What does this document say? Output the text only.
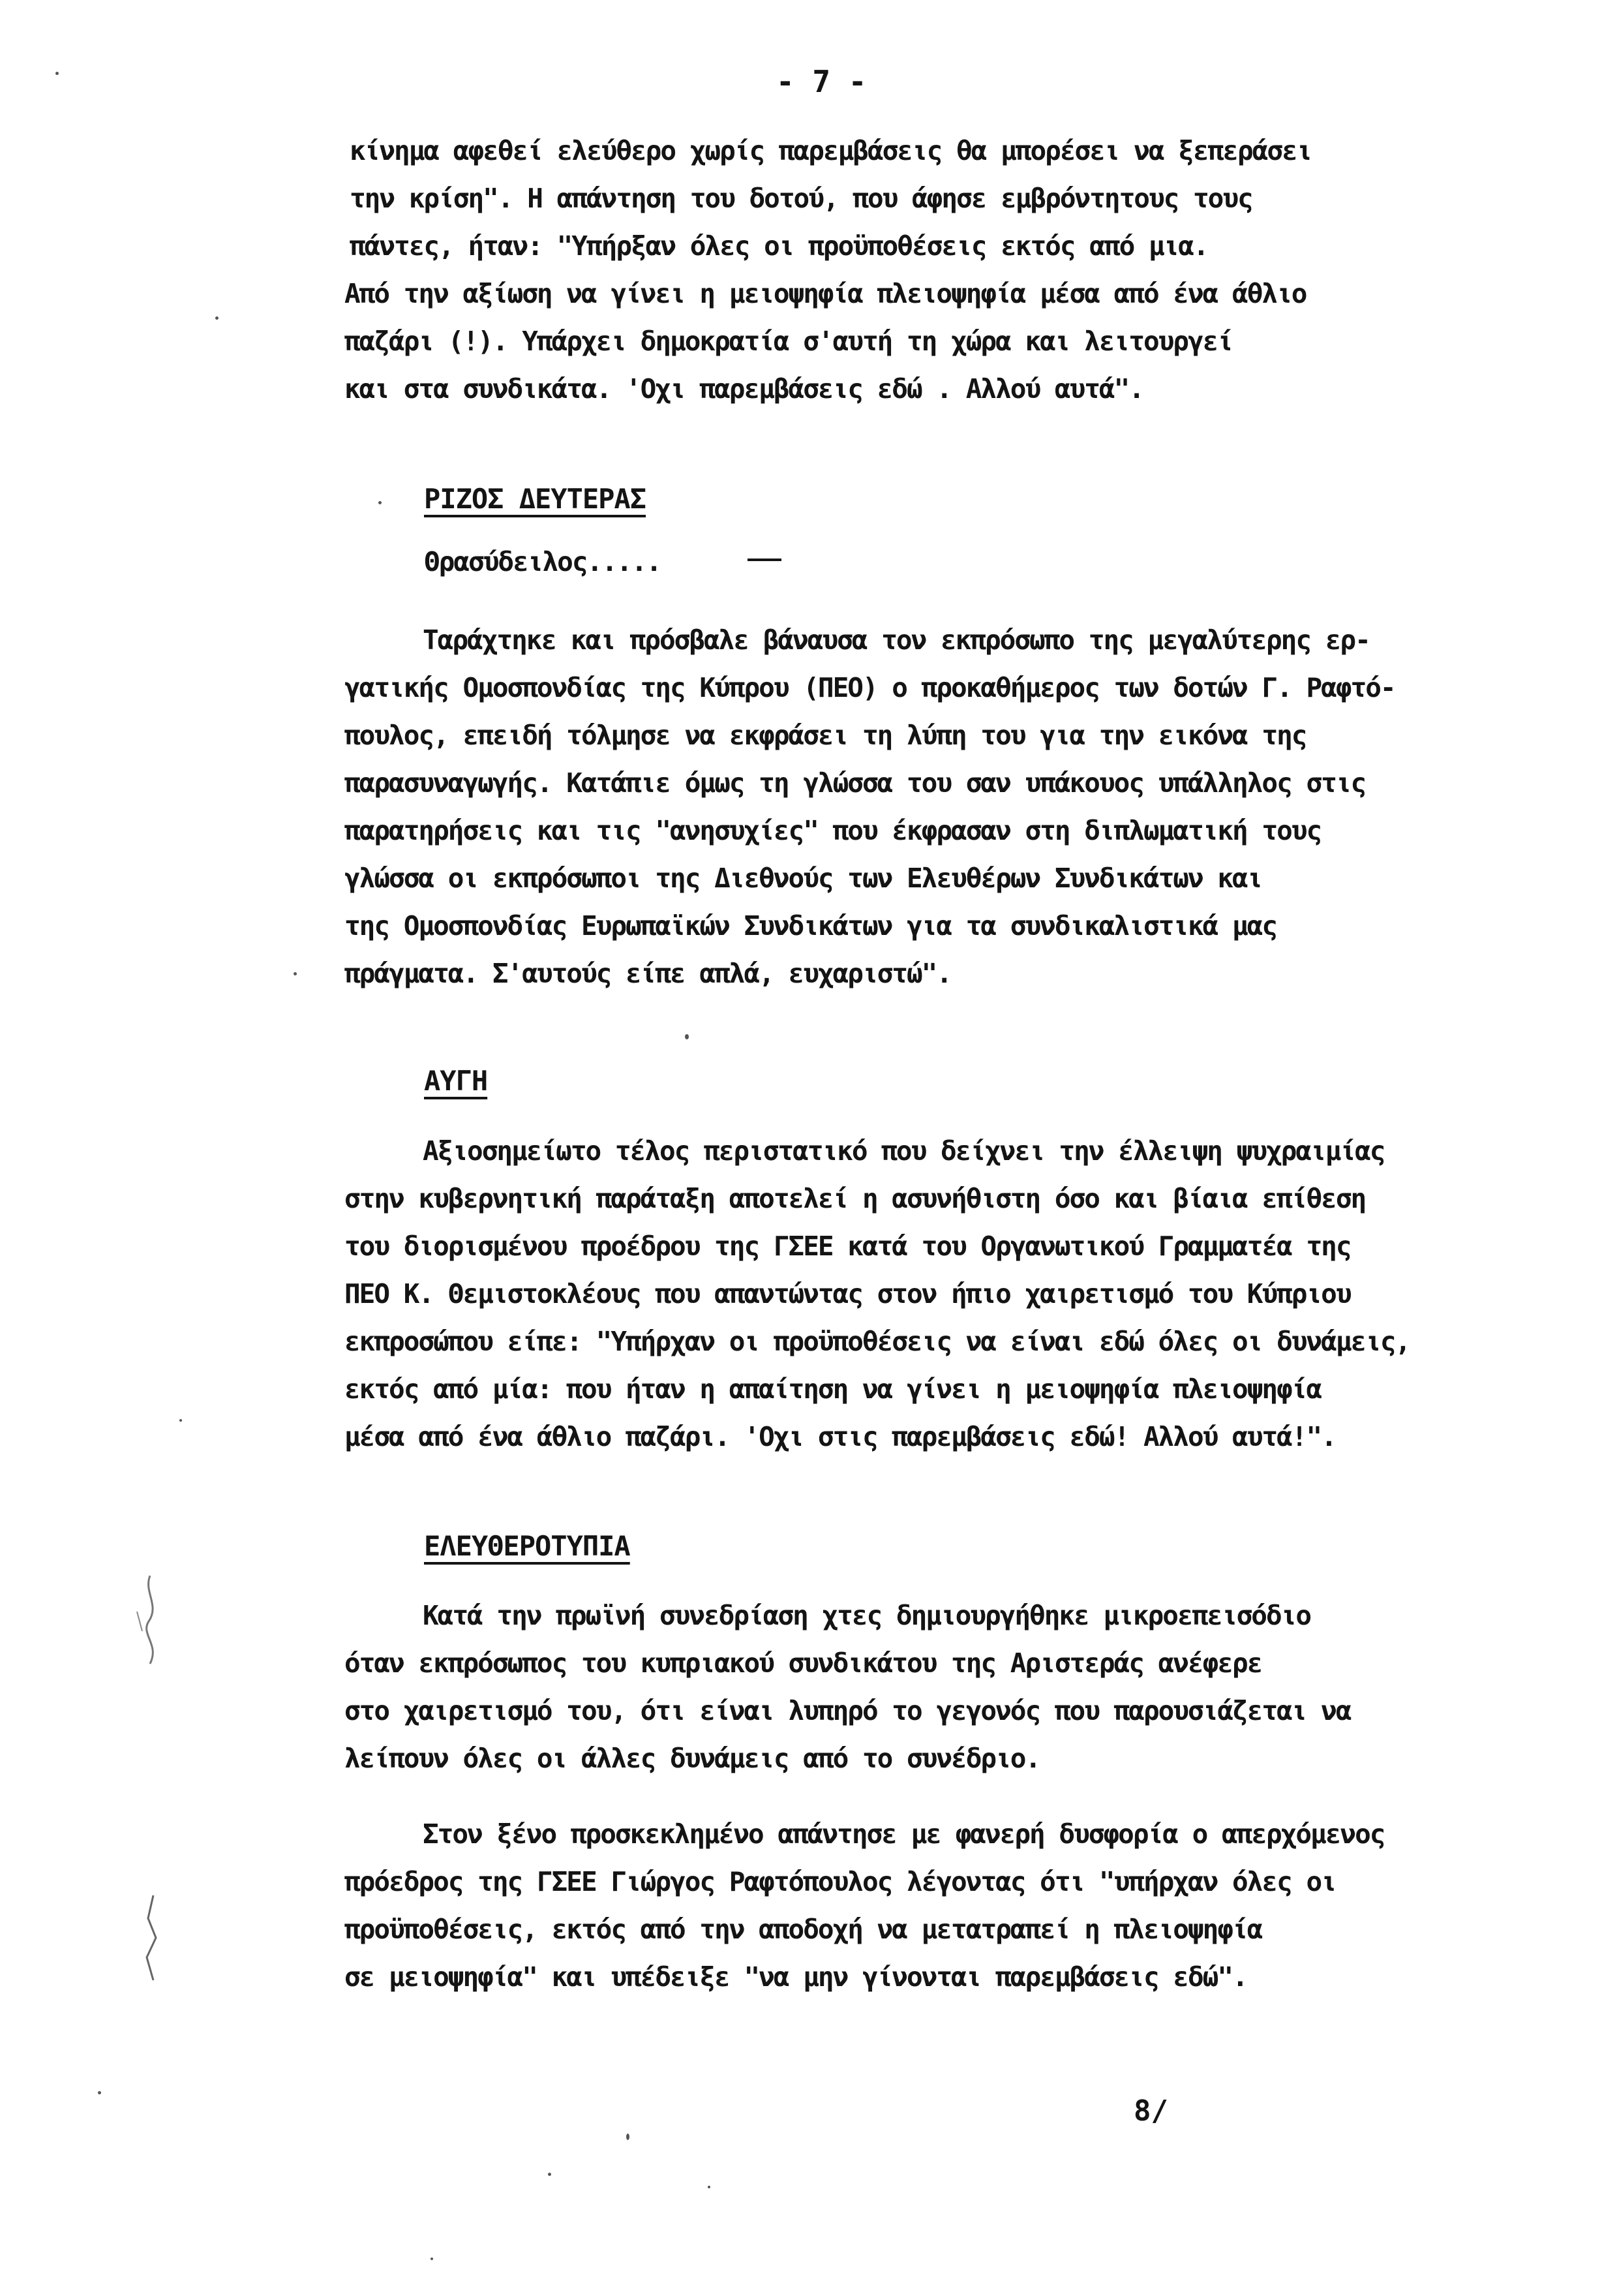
- 7 -
κίνημα αφεθεί ελεύθερο χωρίς παρεμβάσεις θα μπορέσει να ξεπεράσει
την κρίση". Η απάντηση του δοτού, που άφησε εμβρόντητους τους
πάντες, ήταν: "Υπήρξαν όλες οι προϋποθέσεις εκτός από μια.
Από την αξίωση να γίνει η μειοψηφία πλειοψηφία μέσα από ένα άθλιο
παζάρι (!). Υπάρχει δημοκρατία σ'αυτή τη χώρα και λειτουργεί
και στα συνδικάτα. 'Οχι παρεμβάσεις εδώ . Αλλού αυτά".
ΡΙΖΟΣ ΔΕΥΤΕΡΑΣ
Θρασύδειλος.....
Ταράχτηκε και πρόσβαλε βάναυσα τον εκπρόσωπο της μεγαλύτερης ερ-
γατικής Ομοσπονδίας της Κύπρου (ΠΕΟ) ο προκαθήμερος των δοτών Γ. Ραφτό-
πουλος, επειδή τόλμησε να εκφράσει τη λύπη του για την εικόνα της
παρασυναγωγής. Κατάπιε όμως τη γλώσσα του σαν υπάκουος υπάλληλος στις
παρατηρήσεις και τις "ανησυχίες" που έκφρασαν στη διπλωματική τους
γλώσσα οι εκπρόσωποι της Διεθνούς των Ελευθέρων Συνδικάτων και
της Ομοσπονδίας Ευρωπαϊκών Συνδικάτων για τα συνδικαλιστικά μας
πράγματα. Σ'αυτούς είπε απλά, ευχαριστώ".
ΑΥΓΗ
Αξιοσημείωτο τέλος περιστατικό που δείχνει την έλλειψη ψυχραιμίας
στην κυβερνητική παράταξη αποτελεί η ασυνήθιστη όσο και βίαια επίθεση
του διορισμένου προέδρου της ΓΣΕΕ κατά του Οργανωτικού Γραμματέα της
ΠΕΟ Κ. Θεμιστοκλέους που απαντώντας στον ήπιο χαιρετισμό του Κύπριου
εκπροσώπου είπε: "Υπήρχαν οι προϋποθέσεις να είναι εδώ όλες οι δυνάμεις,
εκτός από μία: που ήταν η απαίτηση να γίνει η μειοψηφία πλειοψηφία
μέσα από ένα άθλιο παζάρι. 'Οχι στις παρεμβάσεις εδώ! Αλλού αυτά!".
ΕΛΕΥΘΕΡΟΤΥΠΙΑ
Κατά την πρωϊνή συνεδρίαση χτες δημιουργήθηκε μικροεπεισόδιο
όταν εκπρόσωπος του κυπριακού συνδικάτου της Αριστεράς ανέφερε
στο χαιρετισμό του, ότι είναι λυπηρό το γεγονός που παρουσιάζεται να
λείπουν όλες οι άλλες δυνάμεις από το συνέδριο.
Στον ξένο προσκεκλημένο απάντησε με φανερή δυσφορία ο απερχόμενος
πρόεδρος της ΓΣΕΕ Γιώργος Ραφτόπουλος λέγοντας ότι "υπήρχαν όλες οι
προϋποθέσεις, εκτός από την αποδοχή να μετατραπεί η πλειοψηφία
σε μειοψηφία" και υπέδειξε "να μην γίνονται παρεμβάσεις εδώ".
8/
